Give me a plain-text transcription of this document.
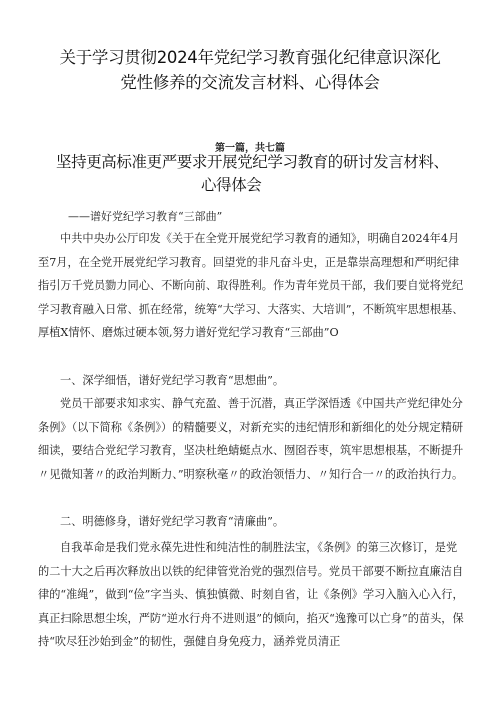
关于学习贯彻2024年党纪学习教育强化纪律意识深化
党性修养的交流发言材料、心得体会
第一篇，共七篇
坚持更高标准更严要求开展党纪学习教育的研讨发言材料、
心得体会
——谱好党纪学习教育“三部曲”

中共中央办公厅印发《关于在全党开展党纪学习教育的通知》，明确自2024年4月至7月，在全党开展党纪学习教育。回望党的非凡奋斗史，正是靠崇高理想和严明纪律指引万千党员勠力同心、不断向前、取得胜利。作为青年党员干部，我们要自觉将党纪学习教育融入日常、抓在经常，统筹“大学习、大落实、大培训”，不断筑牢思想根基、厚植X情怀、磨炼过硬本领,努力谱好党纪学习教育“三部曲”O

一、深学细悟，谱好党纪学习教育“思想曲”。

党员干部要求知求实、静气充盈、善于沉潜，真正学深悟透《中国共产党纪律处分条例》（以下简称《条例》）的精髓要义，对新充实的违纪情形和新细化的处分规定精研细读，要结合党纪学习教育，坚决杜绝蜻蜓点水、囫囵吞枣，筑牢思想根基，不断提升〃见微知著〃的政治判断力、”明察秋毫〃的政治领悟力、〃知行合一〃的政治执行力。

二、明德修身，谱好党纪学习教育“清廉曲”。

自我革命是我们党永葆先进性和纯洁性的制胜法宝，《条例》的第三次修订，是党的二十大之后再次释放出以铁的纪律管党治党的强烈信号。党员干部要不断拉直廉洁自律的“准绳”，做到“俭”字当头、慎独慎微、时刻自省，让《条例》学习入脑入心入行，真正扫除思想尘埃，严防“逆水行舟不进则退”的倾向，掐灭“逸豫可以亡身”的苗头，保持“吹尽狂沙始到金”的韧性，强健自身免疫力，涵养党员清正
